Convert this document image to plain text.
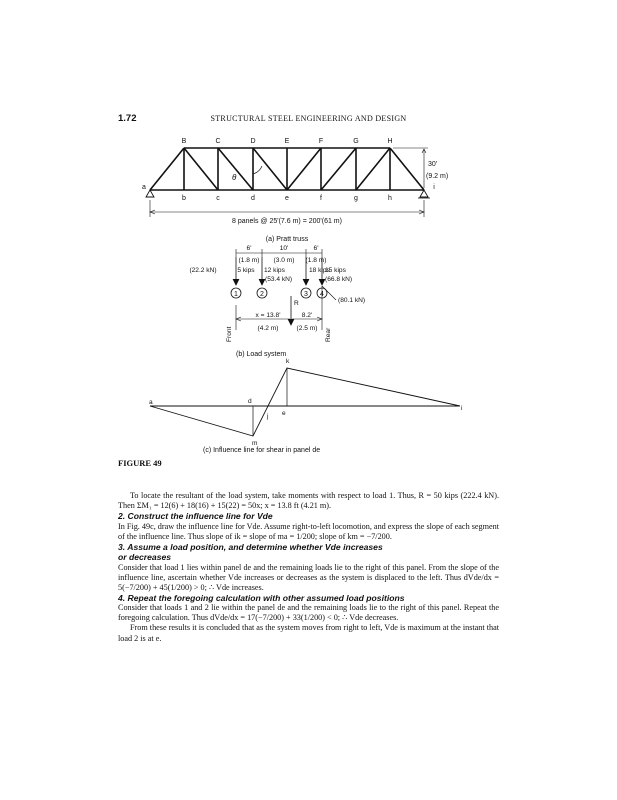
1.72	STRUCTURAL STEEL ENGINEERING AND DESIGN
θ
B	C	D	E	F	G	H
a
b	c	d	e	f	g	h
i
30'
(9.2 m)
8 panels @ 25'(7.6 m) = 200'(61 m)
(a) Pratt truss
6'
(1.8 m)
10'
(3.0 m)
6'
(1.8 m)
(22.2 kN)	5 kips 12 kips
(53.4 kN)
18 kips
15 kips
(66.8 kN)
(80.1 kN)
R
x = 13.8'
(4.2 m)
8.2'
(2.5 m)
Front	Rear
1	2	3 4
(b) Load system
a	d
j e
k
m
i
(c) Influence line for shear in panel de
FIGURE 49

To locate the resultant of the load system, take moments with respect to load 1. Thus, R = 50 kips (222.4 kN). Then ΣM₁ = 12(6) + 18(16) + 15(22) = 50x; x = 13.8 ft (4.21 m).

2. Construct the influence line for Vde

In Fig. 49c, draw the influence line for Vde. Assume right-to-left locomotion, and express the slope of each segment of the influence line. Thus slope of ik = slope of ma = 1/200; slope of km = −7/200.

3. Assume a load position, and determine whether Vde increases
or decreases

Consider that load 1 lies within panel de and the remaining loads lie to the right of this panel. From the slope of the influence line, ascertain whether Vde increases or decreases as the system is displaced to the left. Thus dVde/dx = 5(−7/200) + 45(1/200) > 0; ∴ Vde increases.

4. Repeat the foregoing calculation with other assumed load positions

Consider that loads 1 and 2 lie within the panel de and the remaining loads lie to the right of this panel. Repeat the foregoing calculation. Thus dVde/dx = 17(−7/200) + 33(1/200) < 0; ∴ Vde decreases.

From these results it is concluded that as the system moves from right to left, Vde is maximum at the instant that load 2 is at e.
